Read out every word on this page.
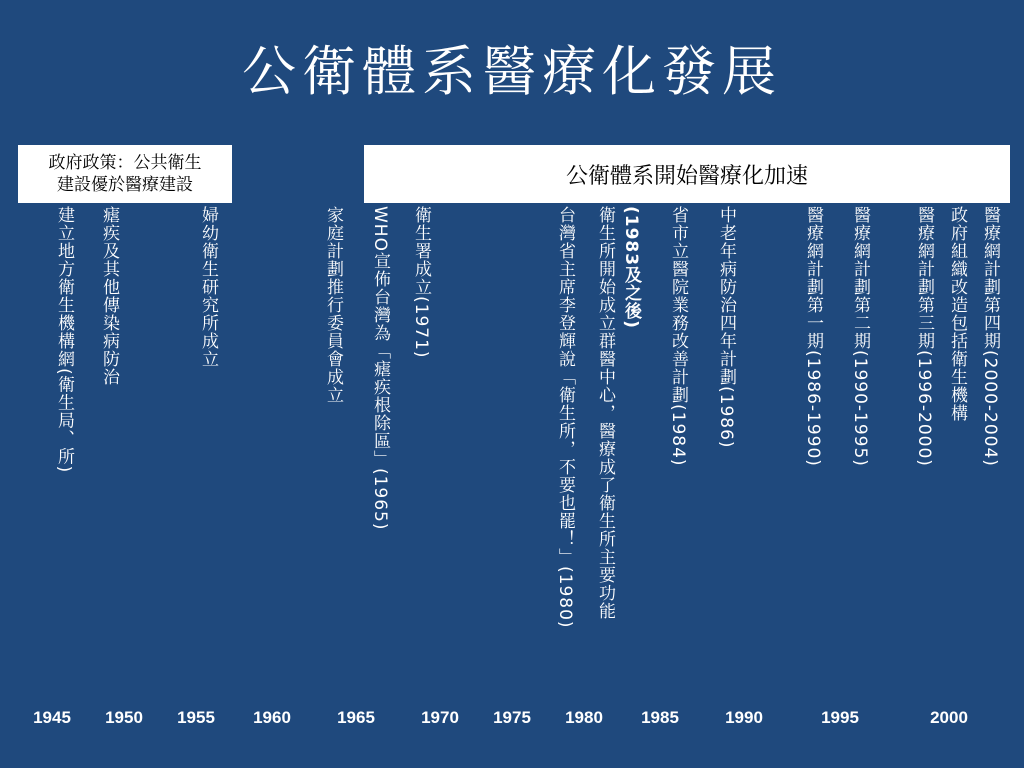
公衛體系醫療化發展
政府政策：公共衛生
建設優於醫療建設	公衛體系開始醫療化加速
建立地方衛生機構網(衛生局、所) 瘧疾及其他傳染病防治	婦幼衛生研究所成立	家庭計劃推行委員會成立 WHO宣佈台灣為「瘧疾根除區」(1965) 衛生署成立(1971)	台灣省主席李登輝說「衛生所，不要也罷！」(1980) 衛生所開始成立群醫中心，醫療成了衛生所主要功能 (1983及之後) 省市立醫院業務改善計劃(1984) 中老年病防治四年計劃(1986)	醫療網計劃第一期(1986-1990) 醫療網計劃第二期(1990-1995)	醫療網計劃第三期(1996-2000) 政府組織改造包括衛生機構 醫療網計劃第四期(2000-2004)
1945 1950 1955 1960	1965	1970 1975 1980 1985	1990	1995	2000
